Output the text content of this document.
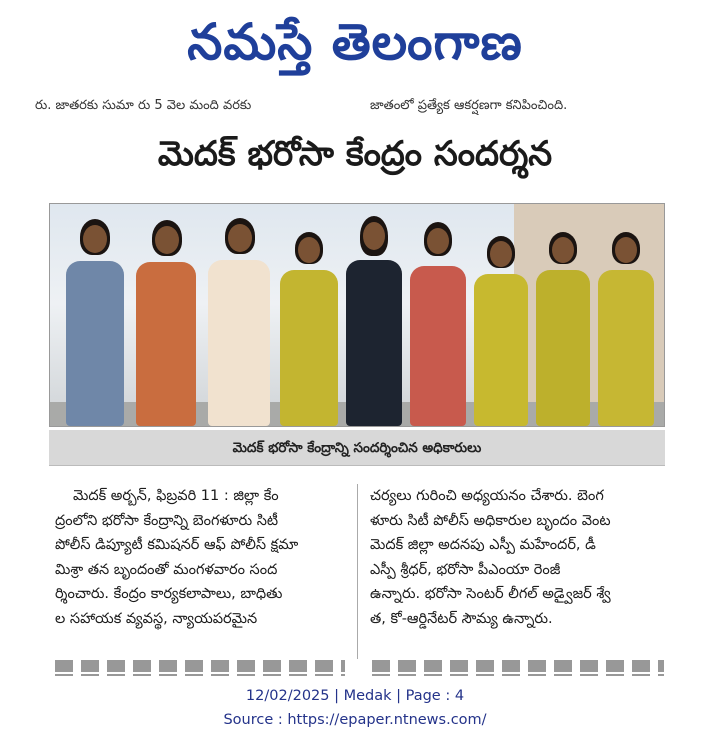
నమస్తే తెలంగాణ
రు. జాతరకు సుమా రు 5 వెల మంది వరకు	జాతంలో ప్రత్యేక ఆకర్షణగా కనిపించింది.
మెదక్ భరోసా కేంద్రం సందర్శన
మెదక్ భరోసా కేంద్రాన్ని సందర్శించిన అధికారులు
మెదక్ అర్బన్, ఫిబ్రవరి 11 : జిల్లా కేం
ద్రంలోని భరోసా కేంద్రాన్ని బెంగళూరు సిటీ
పోలీస్ డిప్యూటీ కమిషనర్ ఆఫ్ పోలీస్ క్షమా
మిశ్రా తన బృందంతో మంగళవారం సంద
ర్శించారు. కేంద్రం కార్యకలాపాలు, బాధితు
ల సహాయక వ్యవస్థ, న్యాయపరమైన
చర్యలు గురించి అధ్యయనం చేశారు. బెంగ
ళూరు సిటీ పోలీస్ అధికారుల బృందం వెంట
మెదక్ జిల్లా అదనపు ఎస్పీ మహేందర్, డీ
ఎస్పీ శ్రీధర్, భరోసా పీఎంయా రెంజీ
ఉన్నారు. భరోసా సెంటర్ లీగల్ అడ్వైజర్ శ్వే
త, కో-ఆర్డినేటర్ సౌమ్య ఉన్నారు.
12/02/2025 | Medak | Page : 4
Source : https://epaper.ntnews.com/
